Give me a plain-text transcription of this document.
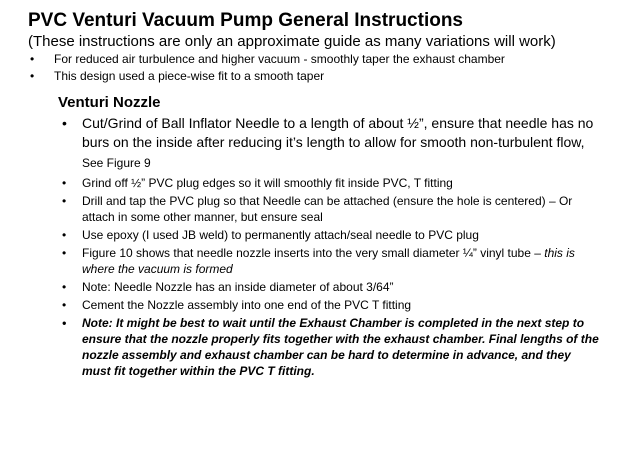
PVC Venturi Vacuum Pump General Instructions

(These instructions are only an approximate guide as many variations will work)

• For reduced air turbulence and higher vacuum - smoothly taper the exhaust chamber
• This design used a piece-wise fit to a smooth taper
Venturi Nozzle
• Cut/Grind of Ball Inflator Needle to a length of about ½”, ensure that needle has no burs on the inside after reducing it’s length to allow for smooth non-turbulent flow, See Figure 9
• Grind off ½” PVC plug edges so it will smoothly fit inside PVC, T fitting
• Drill and tap the PVC plug so that Needle can be attached (ensure the hole is centered) – Or attach in some other manner, but ensure seal
• Use epoxy (I used JB weld) to permanently attach/seal needle to PVC plug
• Figure 10 shows that needle nozzle inserts into the very small diameter ¼” vinyl tube – this is where the vacuum is formed
• Note: Needle Nozzle has an inside diameter of about 3/64”
• Cement the Nozzle assembly into one end of the PVC T fitting
• Note: It might be best to wait until the Exhaust Chamber is completed in the next step to ensure that the nozzle properly fits together with the exhaust chamber. Final lengths of the nozzle assembly and exhaust chamber can be hard to determine in advance, and they must fit together within the PVC T fitting.
